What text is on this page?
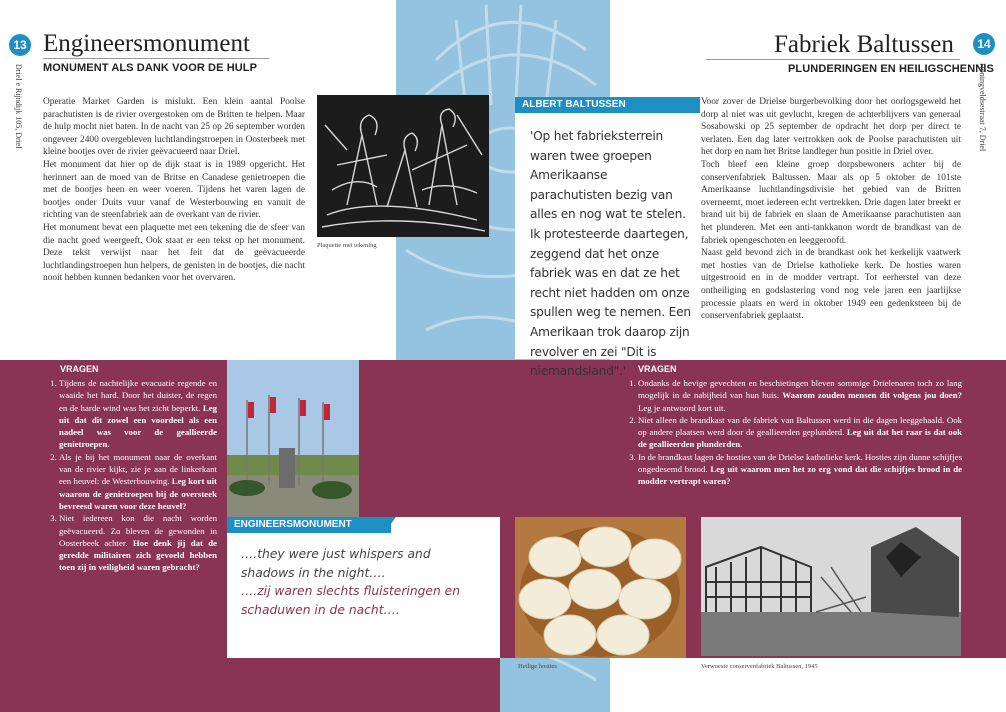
13
Driel e Rijndijk 105, Driel
Engineersmonument
MONUMENT ALS DANK VOOR DE HULP

Operatie Market Garden is mislukt. Een klein aantal Poolse parachutisten is de rivier overgestoken om de Britten te helpen. Maar de hulp mocht niet baten. In de nacht van 25 op 26 september worden ongeveer 2400 overgebleven luchtlandingstroepen in Oosterbeek met kleine bootjes over de rivier geëvacueerd naar Driel.

Het monument dat hier op de dijk staat is in 1989 opgericht. Het herinnert aan de moed van de Britse en Canadese genietroepen die met de bootjes heen en weer voeren. Tijdens het varen lagen de bootjes onder Duits vuur vanaf de Westerbouwing en vanuit de richting van de steenfabriek aan de overkant van de rivier.

Het monument bevat een plaquette met een tekening die de sfeer van die nacht goed weergeeft. Ook staat er een tekst op het monument. Deze tekst verwijst naar het feit dat de geëvacueerde luchtlandingstroepen hun helpers, de genisten in de bootjes, die nacht nooit hebben kunnen bedanken voor het overvaren.

Plaquette met tekening
VRAGEN
1. Tijdens de nachtelijke evacuatie regende en waaide het hard. Door het duister, de regen en de harde wind was het zicht beperkt. Leg uit dat dit zowel een voordeel als een nadeel was voor de geallieerde genietroepen.
2. Als je bij het monument naar de overkant van de rivier kijkt, zie je aan de linkerkant een heuvel: de Westerbouwing. Leg kort uit waarom de genietroepen bij de oversteek bevreesd waren voor deze heuvel?
3. Niet iedereen kon die nacht worden geëvacueerd. Zo bleven de gewonden in Oosterbeek achter. Hoe denk jij dat de geredde militairen zich gevoeld hebben toen zij in veiligheid waren gebracht?
ENGINEERSMONUMENT
….they were just whispers and shadows in the night….
….zij waren slechts fluisteringen en schaduwen in de nacht….
ALBERT BALTUSSEN
'Op het fabrieksterrein waren twee groepen Amerikaanse parachutisten bezig van alles en nog wat te stelen. Ik protesteerde daartegen, zeggend dat het onze fabriek was en dat ze het recht niet hadden om onze spullen weg te nemen. Een Amerikaan trok daarop zijn revolver en zei "Dit is niemandsland".'
Heilige hosties
Fabriek Baltussen
PLUNDERINGEN EN HEILIGSCHENNIS
14
Honingveldsestraat 7, Driel

Voor zover de Drielse burgerbevolking door het oorlogsgeweld het dorp al niet was uit gevlucht, kregen de achterblijvers van generaal Sosabowski op 25 september de opdracht het dorp per direct te verlaten. Een dag later vertrokken ook de Poolse parachutisten uit het dorp en nam het Britse landleger hun positie in Driel over.

Toch bleef een kleine groep dorpsbewoners achter bij de conservenfabriek Baltussen. Maar als op 5 oktober de 101ste Amerikaanse luchtlandingsdivisie het gebied van de Britten overneemt, moet iedereen echt vertrekken. Drie dagen later breekt er brand uit bij de fabriek en slaan de Amerikaanse parachutisten aan het plunderen. Met een anti-tankkanon wordt de brandkast van de fabriek opengeschoten en leeggeroofd.

Naast geld bevond zich in de brandkast ook het kerkelijk vaatwerk met hosties van de Drielse katholieke kerk. De hosties waren uitgestrooid en in de modder vertrapt. Tot eerherstel van deze ontheiliging en godslastering vond nog vele jaren een jaarlijkse processie plaats en werd in oktober 1949 een gedenksteen bij de conservenfabriek geplaatst.

VRAGEN
1. Ondanks de hevige gevechten en beschietingen bleven sommige Drielenaren toch zo lang mogelijk in de nabijheid van hun huis. Waarom zouden mensen dit volgens jou doen? Leg je antwoord kort uit.
2. Niet alleen de brandkast van de fabriek van Baltussen werd in die dagen leeggehaald. Ook op andere plaatsen werd door de geallieerden geplunderd. Leg uit dat het raar is dat ook de geallieerden plunderden.
3. In de brandkast lagen de hosties van de Drielse katholieke kerk. Hosties zijn dunne schijfjes ongedesemd brood. Leg uit waarom men het zo erg vond dat die schijfjes brood in de modder vertrapt waren?
Verwoeste conservenfabriek Baltussen, 1945
